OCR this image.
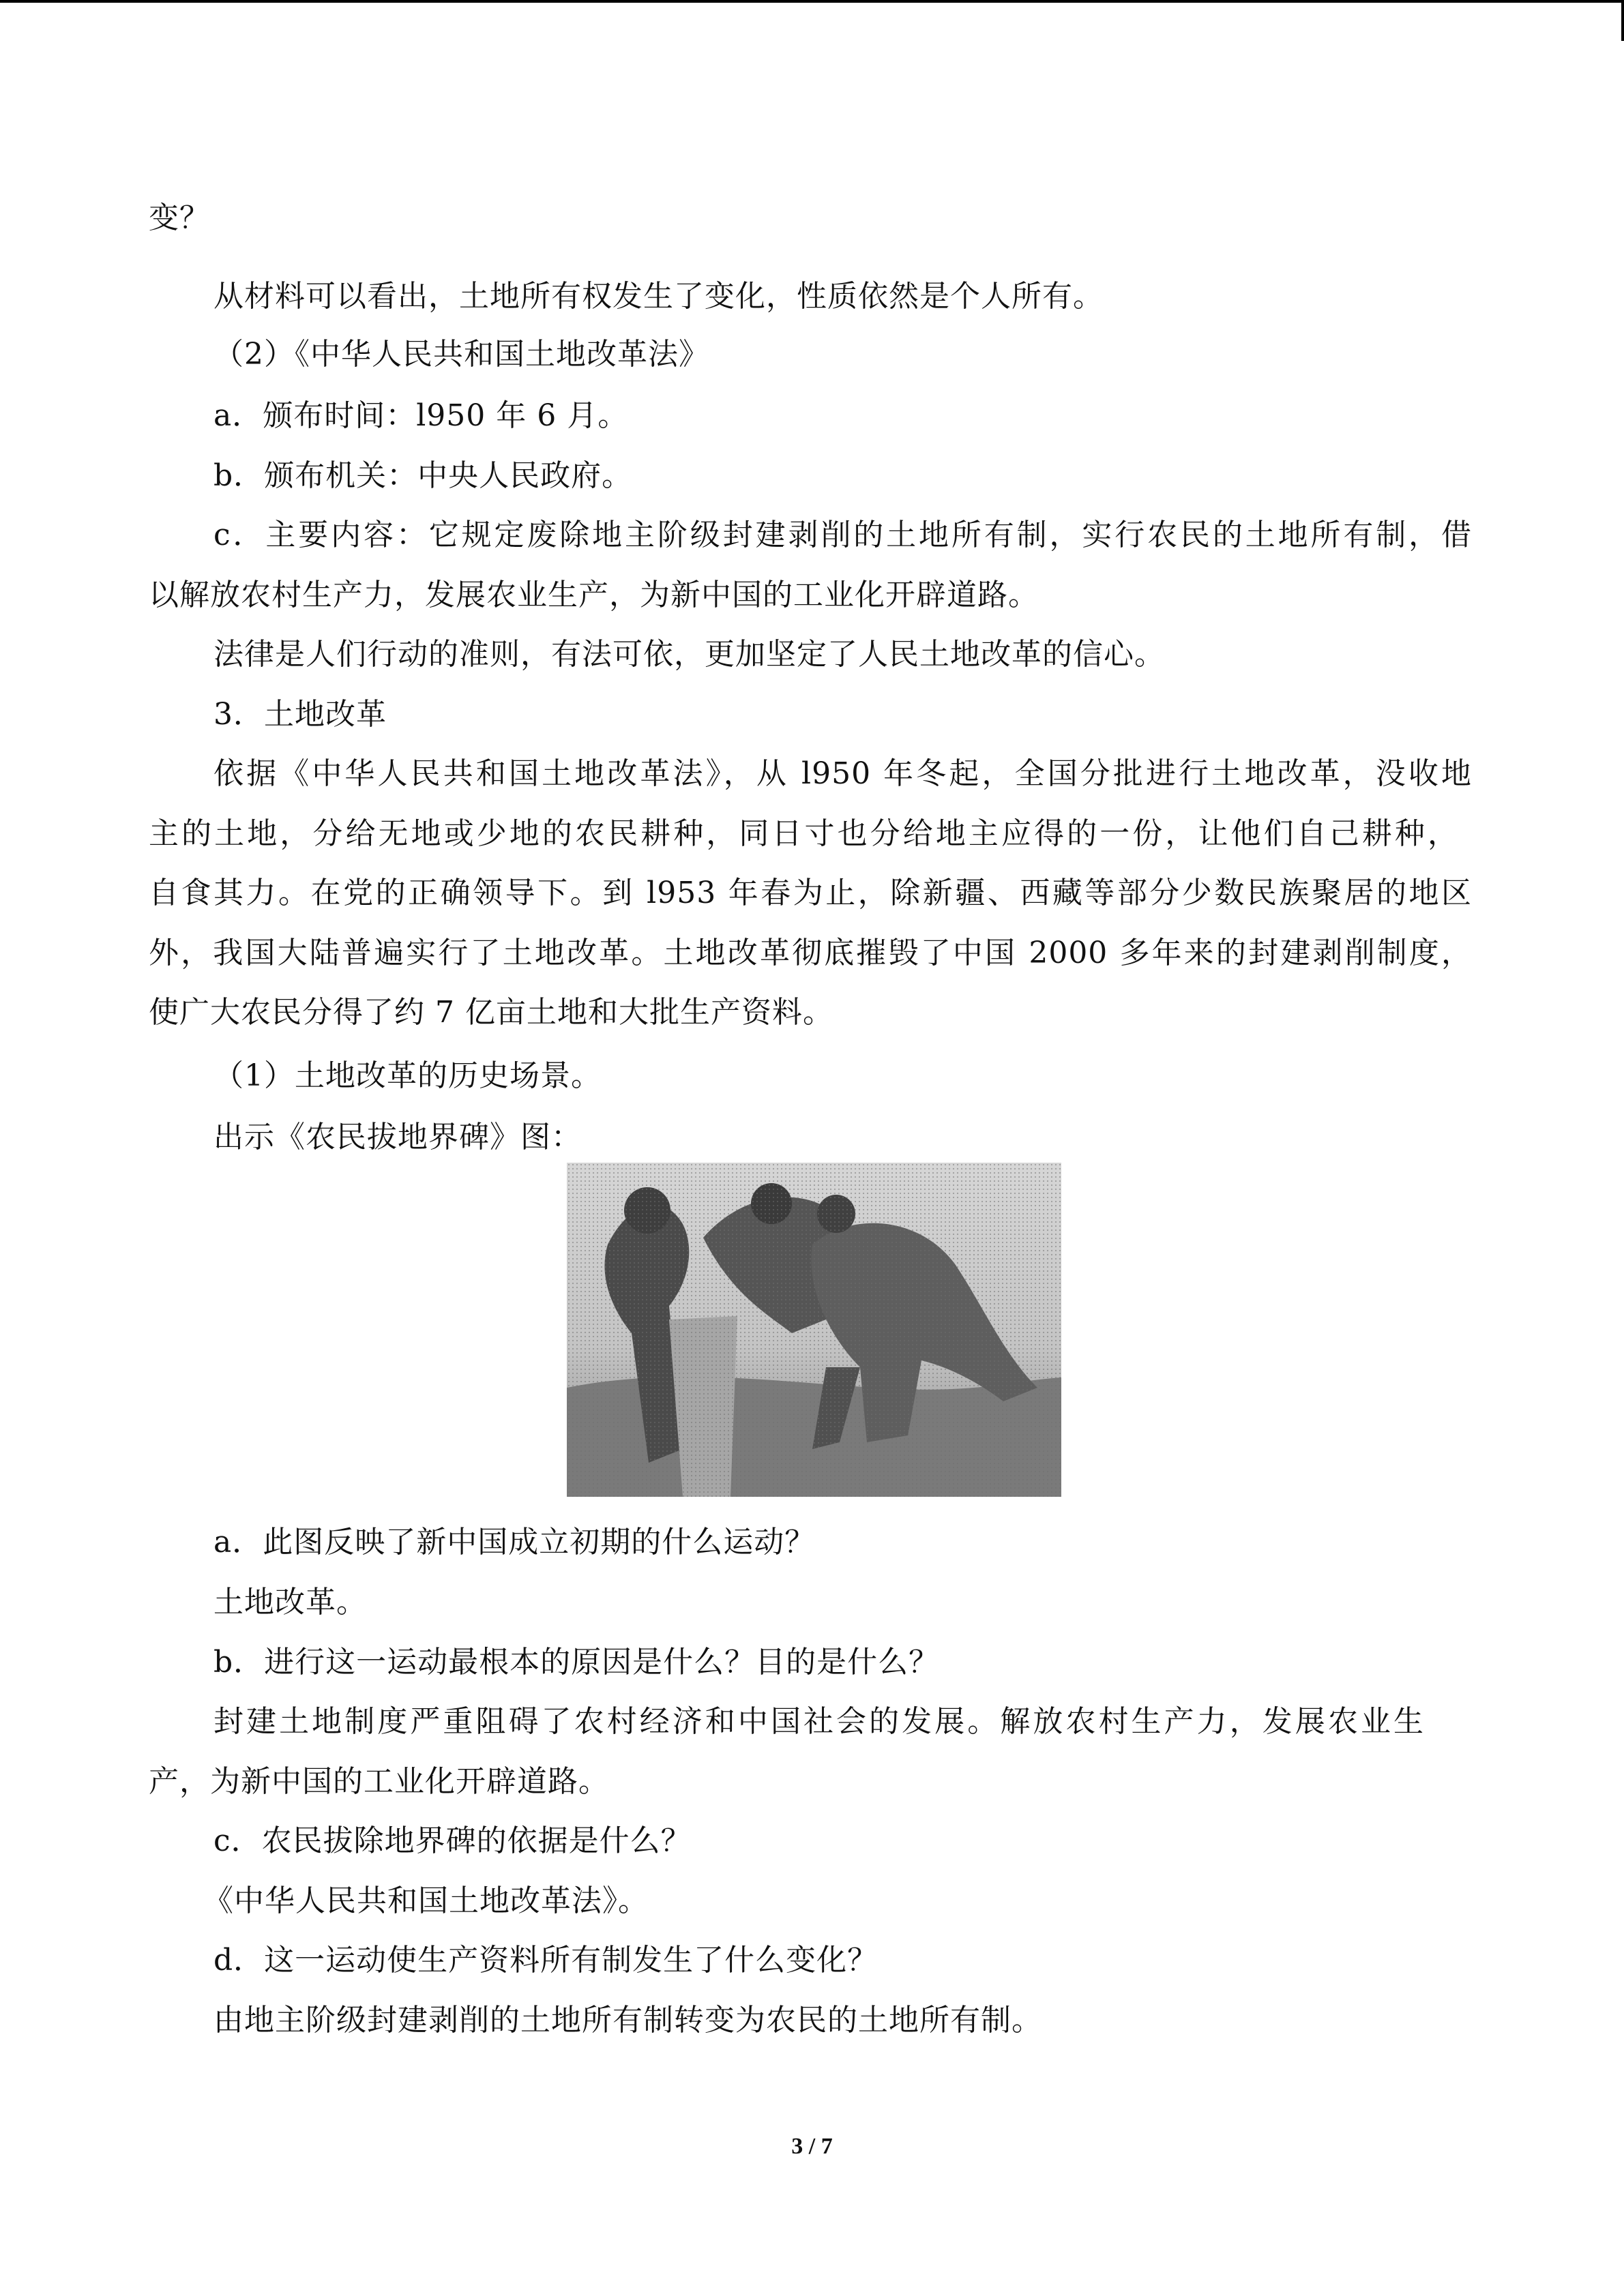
变？
从材料可以看出，土地所有权发生了变化，性质依然是个人所有。
（2）《中华人民共和国土地改革法》
a．颁布时间：l950 年 6 月。
b．颁布机关：中央人民政府。
c．主要内容：它规定废除地主阶级封建剥削的土地所有制，实行农民的土地所有制，借
以解放农村生产力，发展农业生产，为新中国的工业化开辟道路。
法律是人们行动的准则，有法可依，更加坚定了人民土地改革的信心。
3．土地改革
依据《中华人民共和国土地改革法》，从 l950 年冬起，全国分批进行土地改革，没收地
主的土地，分给无地或少地的农民耕种，同日寸也分给地主应得的一份，让他们自己耕种，
自食其力。在党的正确领导下。到 l953 年春为止，除新疆、西藏等部分少数民族聚居的地区
外，我国大陆普遍实行了土地改革。土地改革彻底摧毁了中国 2000 多年来的封建剥削制度，
使广大农民分得了约 7 亿亩土地和大批生产资料。
（1）土地改革的历史场景。
出示《农民拔地界碑》图：
a．此图反映了新中国成立初期的什么运动？
土地改革。
b．进行这一运动最根本的原因是什么？目的是什么？
封建土地制度严重阻碍了农村经济和中国社会的发展。解放农村生产力，发展农业生
产，为新中国的工业化开辟道路。
c．农民拔除地界碑的依据是什么？
《中华人民共和国土地改革法》。
d．这一运动使生产资料所有制发生了什么变化？
由地主阶级封建剥削的土地所有制转变为农民的土地所有制。
3 / 7
